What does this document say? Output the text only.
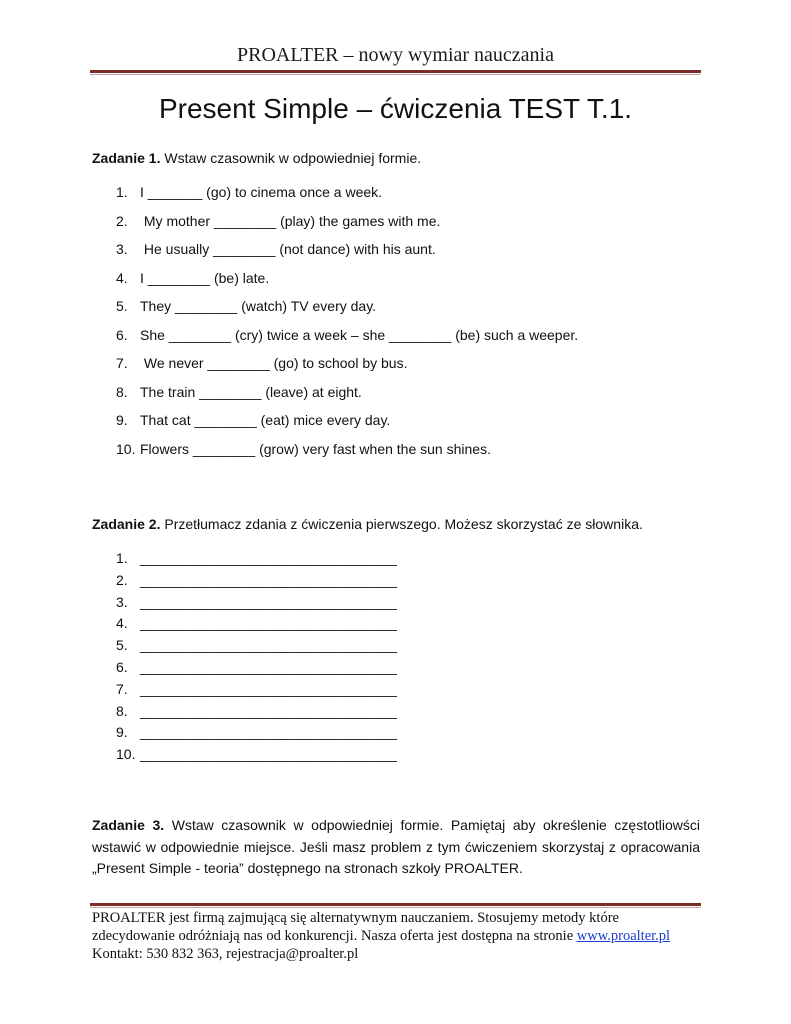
PROALTER – nowy wymiar nauczania
Present Simple – ćwiczenia TEST T.1.
Zadanie 1. Wstaw czasownik w odpowiedniej formie.
1. I _______ (go) to cinema once a week.
2. My mother ________ (play) the games with me.
3. He usually ________ (not dance) with his aunt.
4. I ________ (be) late.
5. They ________ (watch) TV every day.
6. She ________ (cry) twice a week – she ________ (be) such a weeper.
7. We never ________ (go) to school by bus.
8. The train ________ (leave) at eight.
9. That cat ________ (eat) mice every day.
10. Flowers ________ (grow) very fast when the sun shines.
Zadanie 2. Przetłumacz zdania z ćwiczenia pierwszego. Możesz skorzystać ze słownika.
1. _________________________________
2. _________________________________
3. _________________________________
4. _________________________________
5. _________________________________
6. _________________________________
7. _________________________________
8. _________________________________
9. _________________________________
10. _________________________________
Zadanie 3. Wstaw czasownik w odpowiedniej formie. Pamiętaj aby określenie częstotliowści wstawić w odpowiednie miejsce. Jeśli masz problem z tym ćwiczeniem skorzystaj z opracowania „Present Simple - teoria” dostępnego na stronach szkoły PROALTER.
PROALTER jest firmą zajmującą się alternatywnym nauczaniem. Stosujemy metody które
zdecydowanie odróżniają nas od konkurencji. Nasza oferta jest dostępna na stronie www.proalter.pl
Kontakt: 530 832 363, rejestracja@proalter.pl
